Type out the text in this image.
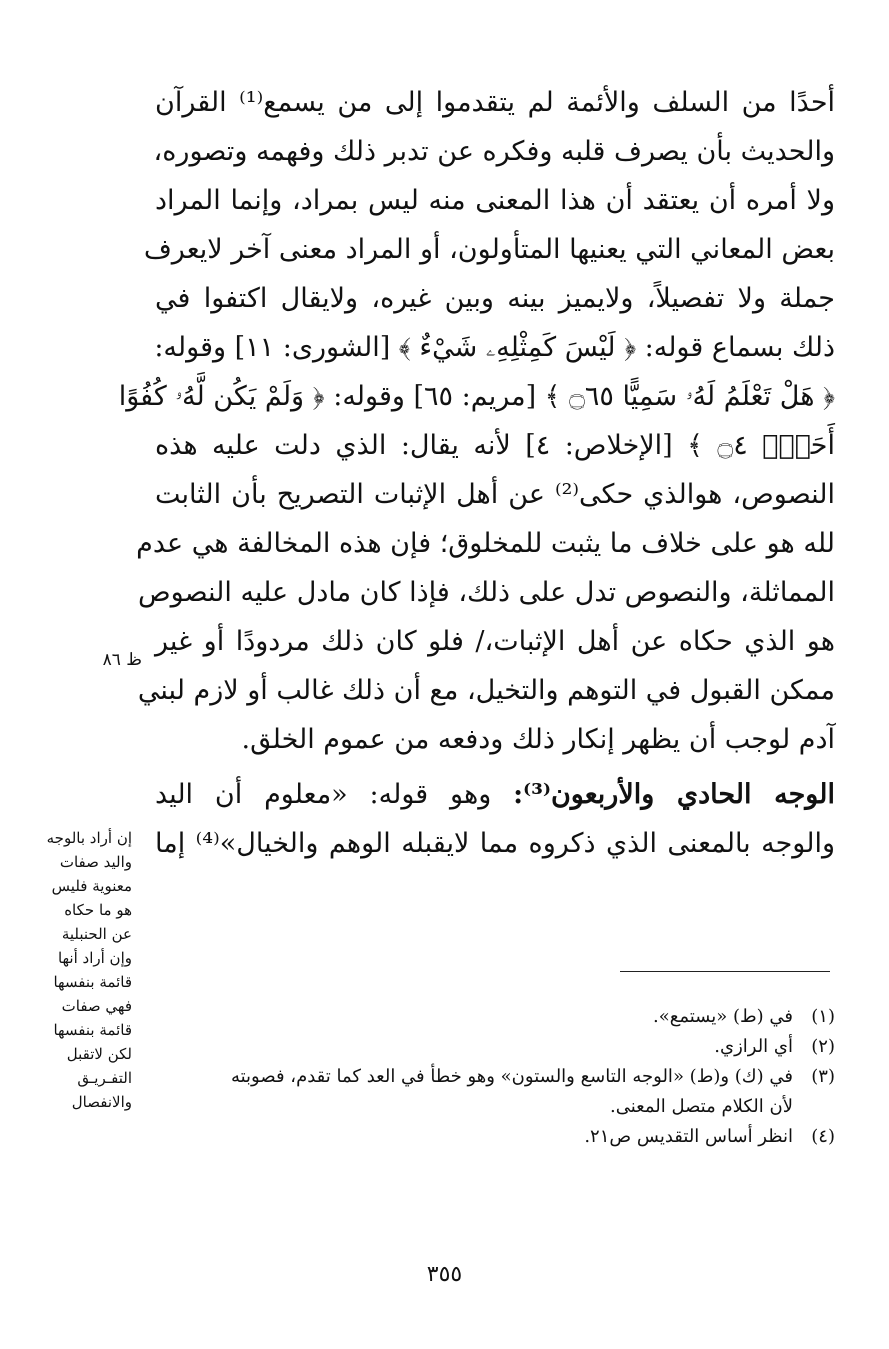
أحدًا من السلف والأئمة لم يتقدموا إلى من يسمع⁽¹⁾ القرآن
والحديث بأن يصرف قلبه وفكره عن تدبر ذلك وفهمه وتصوره،
ولا أمره أن يعتقد أن هذا المعنى منه ليس بمراد، وإنما المراد
بعض المعاني التي يعنيها المتأولون، أو المراد معنى آخر لايعرف
جملة ولا تفصيلاً، ولايميز بينه وبين غيره، ولايقال اكتفوا في
ذلك بسماع قوله: ﴿ لَيْسَ كَمِثْلِهِۦ شَيْءٌ ﴾ [الشورى: ١١] وقوله:
﴿ هَلْ تَعْلَمُ لَهُۥ سَمِيًّا ۝٦٥ ﴾ [مريم: ٦٥] وقوله: ﴿ وَلَمْ يَكُن لَّهُۥ كُفُوًا
أَحَدٌۢ ۝٤ ﴾ [الإخلاص: ٤] لأنه يقال: الذي دلت عليه هذه
النصوص، هوالذي حكى⁽²⁾ عن أهل الإثبات التصريح بأن الثابت
لله هو على خلاف ما يثبت للمخلوق؛ فإن هذه المخالفة هي عدم
المماثلة، والنصوص تدل على ذلك، فإذا كان مادل عليه النصوص
هو الذي حكاه عن أهل الإثبات،/ فلو كان ذلك مردودًا أو غير
ممكن القبول في التوهم والتخيل، مع أن ذلك غالب أو لازم لبني
آدم لوجب أن يظهر إنكار ذلك ودفعه من عموم الخلق.
الوجه الحادي والأربعون⁽³⁾: وهو قوله: «معلوم أن اليد
والوجه بالمعنى الذي ذكروه مما لايقبله الوهم والخيال»⁽⁴⁾ إما
ظ ٨٦
إن أراد بالوجه
واليد صفات
معنوية فليس
هو ما حكاه
عن الحنبلية
وإن أراد أنها
قائمة بنفسها
فهي صفات
قائمة بنفسها
لكن لاتقبل
التفـريـق
والانفصال
(١)
في (ط) «يستمع».
(٢)
أي الرازي.
(٣)
في (ك) و(ط) «الوجه التاسع والستون» وهو خطأ في العد كما تقدم، فصوبته
لأن الكلام متصل المعنى.
(٤)
انظر أساس التقديس ص٢١.
٣٥٥
